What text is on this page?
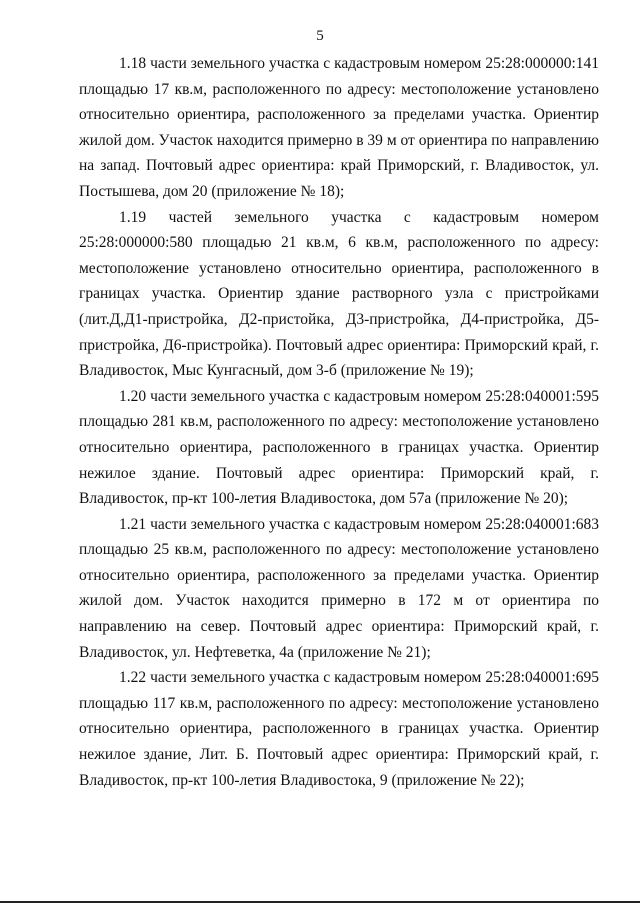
5

1.18 части земельного участка с кадастровым номером 25:28:000000:141 площадью 17 кв.м, расположенного по адресу: местоположение установлено относительно ориентира, расположенного за пределами участка. Ориентир жилой дом. Участок находится примерно в 39 м от ориентира по направлению на запад. Почтовый адрес ориентира: край Приморский, г. Владивосток, ул. Постышева, дом 20 (приложение № 18);

1.19 частей земельного участка с кадастровым номером 25:28:000000:580 площадью 21 кв.м, 6 кв.м, расположенного по адресу: местоположение установлено относительно ориентира, расположенного в границах участка. Ориентир здание растворного узла с пристройками (лит.Д,Д1-пристройка, Д2-пристойка, Д3-пристройка, Д4-пристройка, Д5-пристройка, Д6-пристройка). Почтовый адрес ориентира: Приморский край, г. Владивосток, Мыс Кунгасный, дом 3-б (приложение № 19);

1.20 части земельного участка с кадастровым номером 25:28:040001:595 площадью 281 кв.м, расположенного по адресу: местоположение установлено относительно ориентира, расположенного в границах участка. Ориентир нежилое здание. Почтовый адрес ориентира: Приморский край, г. Владивосток, пр-кт 100-летия Владивостока, дом 57а (приложение № 20);

1.21 части земельного участка с кадастровым номером 25:28:040001:683 площадью 25 кв.м, расположенного по адресу: местоположение установлено относительно ориентира, расположенного за пределами участка. Ориентир жилой дом. Участок находится примерно в 172 м от ориентира по направлению на север. Почтовый адрес ориентира: Приморский край, г. Владивосток, ул. Нефтеветка, 4а (приложение № 21);

1.22 части земельного участка с кадастровым номером 25:28:040001:695 площадью 117 кв.м, расположенного по адресу: местоположение установлено относительно ориентира, расположенного в границах участка. Ориентир нежилое здание, Лит. Б. Почтовый адрес ориентира: Приморский край, г. Владивосток, пр-кт 100-летия Владивостока, 9 (приложение № 22);
